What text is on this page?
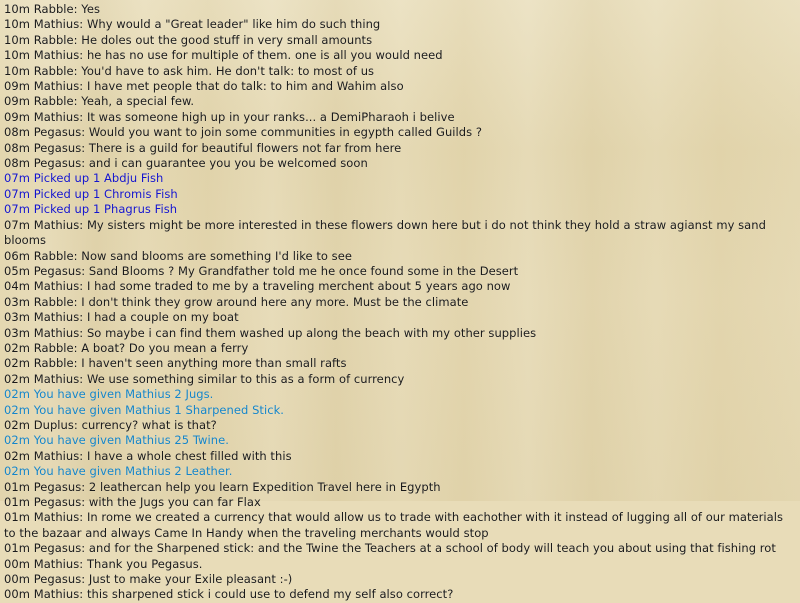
10m Rabble: Yes
10m Mathius: Why would a "Great leader" like him do such thing
10m Rabble: He doles out the good stuff in very small amounts
10m Mathius: he has no use for multiple of them. one is all you would need
10m Rabble: You'd have to ask him. He don't talk: to most of us
09m Mathius: I have met people that do talk: to him and Wahim also
09m Rabble: Yeah, a special few.
09m Mathius: It was someone high up in your ranks... a DemiPharaoh i belive
08m Pegasus: Would you want to join some communities in egypth called Guilds ?
08m Pegasus: There is a guild for beautiful flowers not far from here
08m Pegasus: and i can guarantee you you be welcomed soon
07m Picked up 1 Abdju Fish
07m Picked up 1 Chromis Fish
07m Picked up 1 Phagrus Fish
07m Mathius: My sisters might be more interested in these flowers down here but i do not think they hold a straw agianst my sand blooms
06m Rabble: Now sand blooms are something I'd like to see
05m Pegasus: Sand Blooms ? My Grandfather told me he once found some in the Desert
04m Mathius: I had some traded to me by a traveling merchent about 5 years ago now
03m Rabble: I don't think they grow around here any more. Must be the climate
03m Mathius: I had a couple on my boat
03m Mathius: So maybe i can find them washed up along the beach with my other supplies
02m Rabble: A boat? Do you mean a ferry
02m Rabble: I haven't seen anything more than small rafts
02m Mathius: We use something similar to this as a form of currency
02m You have given Mathius 2 Jugs.
02m You have given Mathius 1 Sharpened Stick.
02m Duplus: currency? what is that?
02m You have given Mathius 25 Twine.
02m Mathius: I have a whole chest filled with this
02m You have given Mathius 2 Leather.
01m Pegasus: 2 leathercan help you learn Expedition Travel here in Egypth
01m Pegasus: with the Jugs you can far Flax
01m Mathius: In rome we created a currency that would allow us to trade with eachother with it instead of lugging all of our materials to the bazaar and always Came In Handy when the traveling merchants would stop
01m Pegasus: and for the Sharpened stick: and the Twine the Teachers at a school of body will teach you about using that fishing rot
00m Mathius: Thank you Pegasus.
00m Pegasus: Just to make your Exile pleasant :-)
00m Mathius: this sharpened stick i could use to defend my self also correct?
